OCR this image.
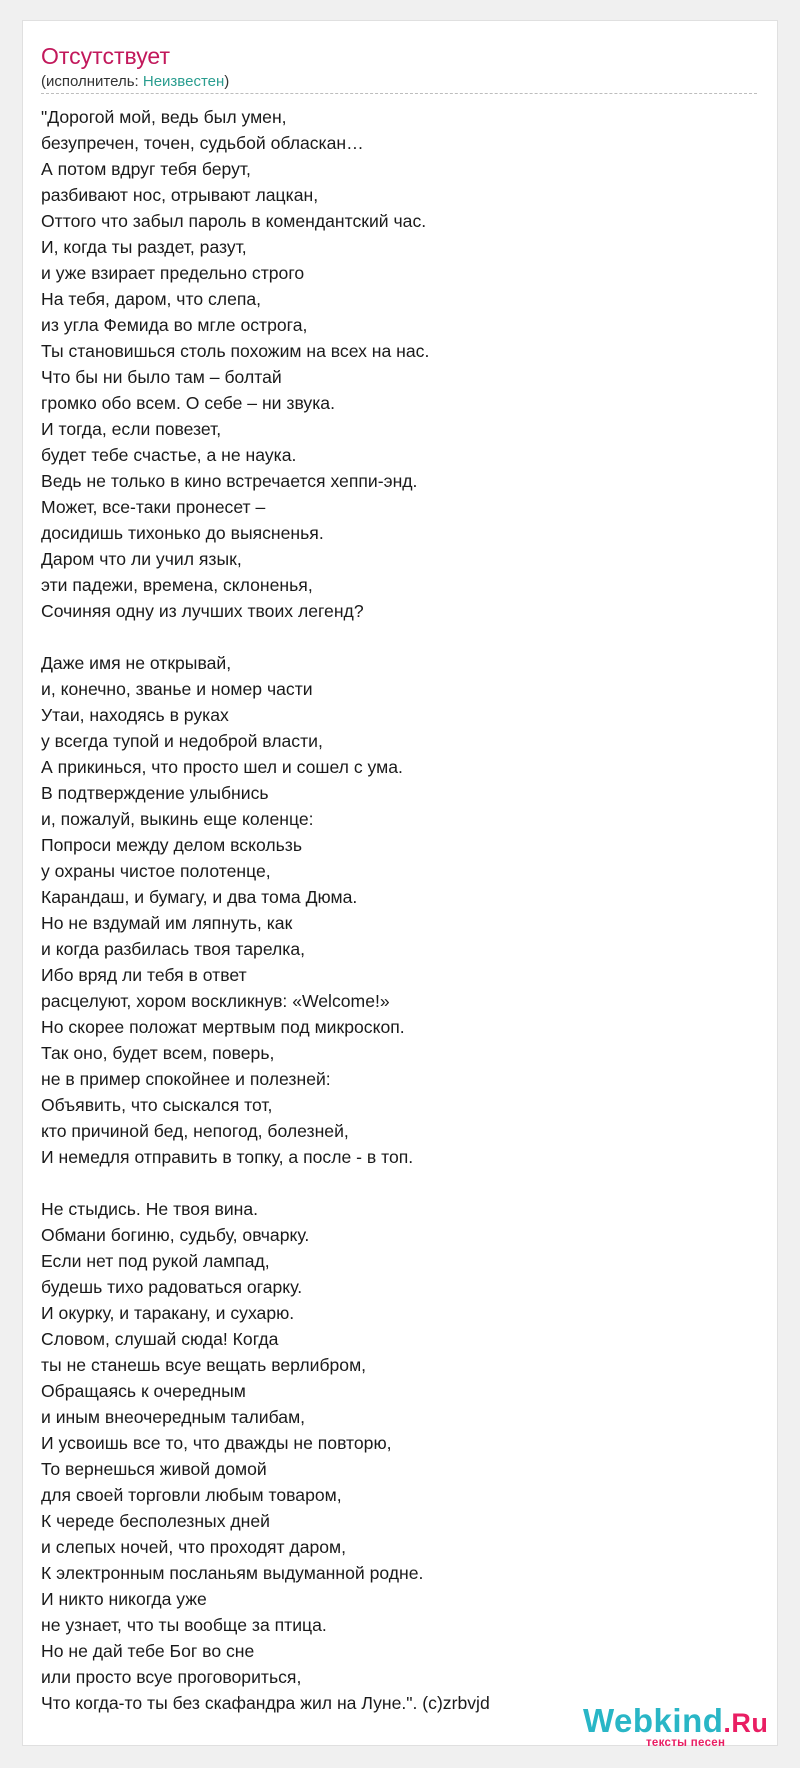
Отсутствует
(исполнитель: Неизвестен)
"Дорогой мой, ведь был умен,
безупречен, точен, судьбой обласкан…
А потом вдруг тебя берут,
разбивают нос, отрывают лацкан,
Оттого что забыл пароль в комендантский час.
И, когда ты раздет, разут,
и уже взирает предельно строго
На тебя, даром, что слепа,
из угла Фемида во мгле острога,
Ты становишься столь похожим на всех на нас.
Что бы ни было там – болтай
громко обо всем. О себе – ни звука.
И тогда, если повезет,
будет тебе счастье, а не наука.
Ведь не только в кино встречается хеппи-энд.
Может, все-таки пронесет –
досидишь тихонько до выясненья.
Даром что ли учил язык,
эти падежи, времена, склоненья,
Сочиняя одну из лучших твоих легенд?
Даже имя не открывай,
и, конечно, званье и номер части
Утаи, находясь в руках
у всегда тупой и недоброй власти,
А прикинься, что просто шел и сошел с ума.
В подтверждение улыбнись
и, пожалуй, выкинь еще коленце:
Попроси между делом вскользь
у охраны чистое полотенце,
Карандаш, и бумагу, и два тома Дюма.
Но не вздумай им ляпнуть, как
и когда разбилась твоя тарелка,
Ибо вряд ли тебя в ответ
расцелуют, хором воскликнув: «Welcome!»
Но скорее положат мертвым под микроскоп.
Так оно, будет всем, поверь,
не в пример спокойнее и полезней:
Объявить, что сыскался тот,
кто причиной бед, непогод, болезней,
И немедля отправить в топку, а после - в топ.
Не стыдись. Не твоя вина.
Обмани богиню, судьбу, овчарку.
Если нет под рукой лампад,
будешь тихо радоваться огарку.
И окурку, и таракану, и сухарю.
Словом, слушай сюда! Когда
ты не станешь всуе вещать верлибром,
Обращаясь к очередным
и иным внеочередным талибам,
И усвоишь все то, что дважды не повторю,
То вернешься живой домой
для своей торговли любым товаром,
К череде бесполезных дней
и слепых ночей, что проходят даром,
К электронным посланьям выдуманной родне.
И никто никогда уже
не узнает, что ты вообще за птица.
Но не дай тебе Бог во сне
или просто всуе проговориться,
Что когда-то ты без скафандра жил на Луне.". (c)zrbvjd	Webkind.Ru
тексты песен
